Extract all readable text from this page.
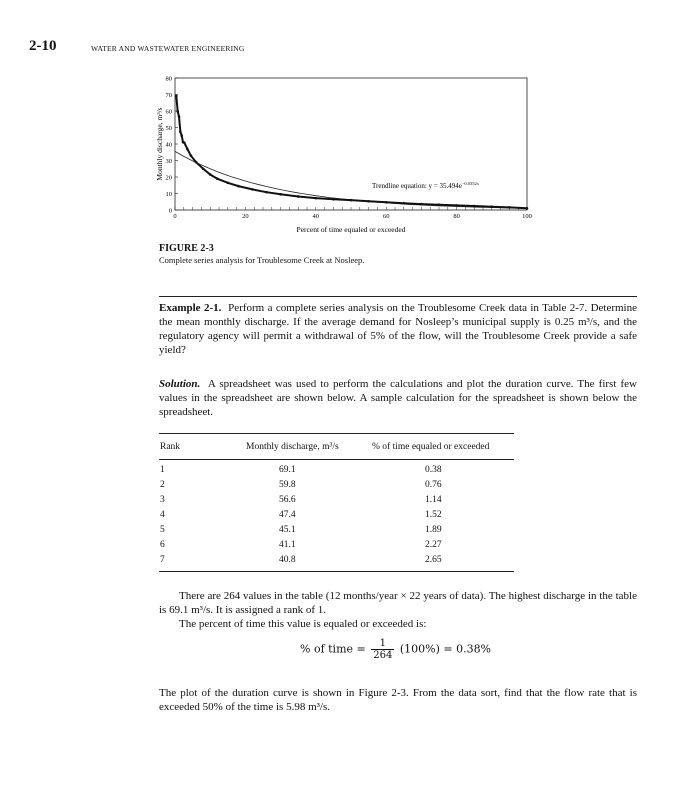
2-10	WATER AND WASTEWATER ENGINEERING
0
10
20
30
40
50
60
70
80
0	20	40	60	80	100
Monthly discharge, m³/s
Percent of time equaled or exceeded
Trendline equation: $y = 35.494e^{-0.0352x}$
FIGURE 2-3
Complete series analysis for Troublesome Creek at Nosleep.
Example 2-1. Perform a complete series analysis on the Troublesome Creek data in Table 2-7. Determine the mean monthly discharge. If the average demand for Nosleep’s municipal supply is 0.25 m³/s, and the regulatory agency will permit a withdrawal of 5% of the flow, will the Troublesome Creek provide a safe yield?
Solution. A spreadsheet was used to perform the calculations and plot the duration curve. The first few values in the spreadsheet are shown below. A sample calculation for the spreadsheet is shown below the spreadsheet.
Rank	Monthly discharge, m³/s	% of time equaled or exceeded
1	69.1	0.38
2	59.8	0.76
3	56.6	1.14
4	47.4	1.52
5	45.1	1.89
6	41.1	2.27
7	40.8	2.65
There are 264 values in the table (12 months/year × 22 years of data). The highest discharge in the table is 69.1 m³/s. It is assigned a rank of 1.
The percent of time this value is equaled or exceeded is:
% of time = $\frac{1}{264} (100\%) = 0.38\%$
The plot of the duration curve is shown in Figure 2-3. From the data sort, find that the flow rate that is exceeded 50% of the time is 5.98 m³/s.
